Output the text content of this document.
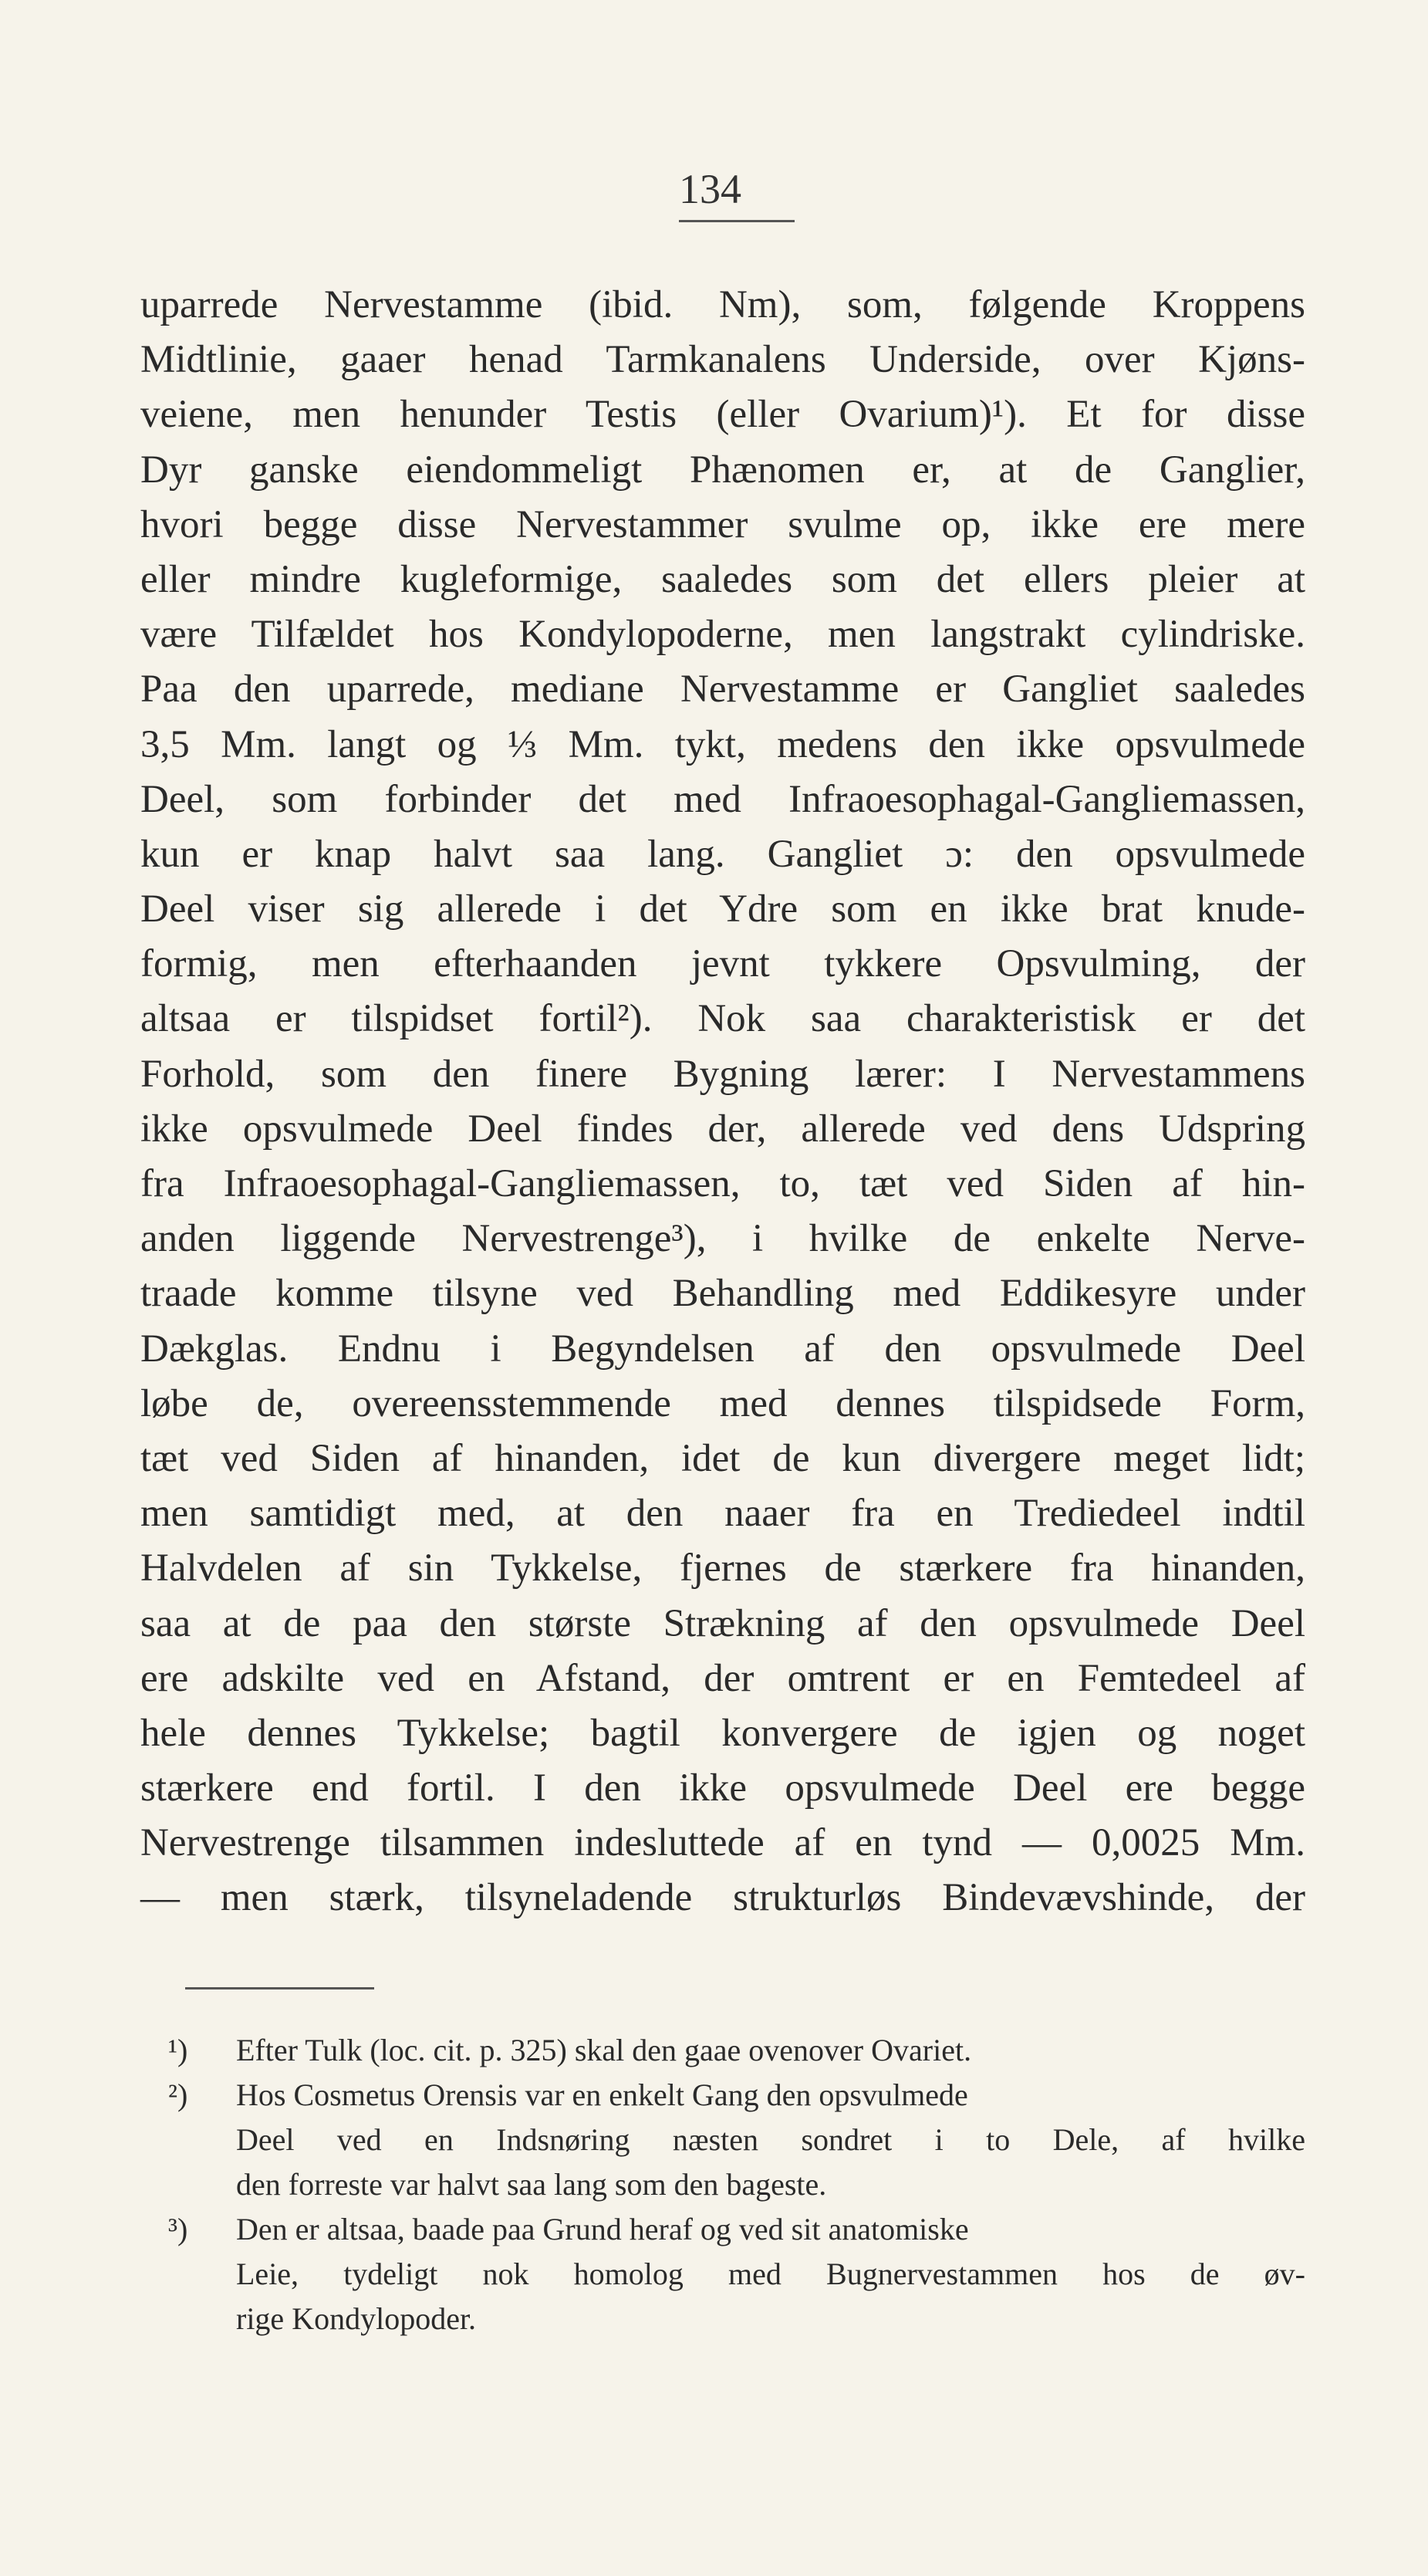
134
uparrede Nervestamme (ibid. Nm), som, følgende Kroppens
Midtlinie, gaaer henad Tarmkanalens Underside, over Kjøns-
veiene, men henunder Testis (eller Ovarium)¹). Et for disse
Dyr ganske eiendommeligt Phænomen er, at de Ganglier,
hvori begge disse Nervestammer svulme op, ikke ere mere
eller mindre kugleformige, saaledes som det ellers pleier at
være Tilfældet hos Kondylopoderne, men langstrakt cylindriske.
Paa den uparrede, mediane Nervestamme er Gangliet saaledes
3,5 Mm. langt og ⅓ Mm. tykt, medens den ikke opsvulmede
Deel, som forbinder det med Infraoesophagal-Gangliemassen,
kun er knap halvt saa lang. Gangliet ɔ: den opsvulmede
Deel viser sig allerede i det Ydre som en ikke brat knude-
formig, men efterhaanden jevnt tykkere Opsvulming, der
altsaa er tilspidset fortil²). Nok saa charakteristisk er det
Forhold, som den finere Bygning lærer: I Nervestammens
ikke opsvulmede Deel findes der, allerede ved dens Udspring
fra Infraoesophagal-Gangliemassen, to, tæt ved Siden af hin-
anden liggende Nervestrenge³), i hvilke de enkelte Nerve-
traade komme tilsyne ved Behandling med Eddikesyre under
Dækglas. Endnu i Begyndelsen af den opsvulmede Deel
løbe de, overeensstemmende med dennes tilspidsede Form,
tæt ved Siden af hinanden, idet de kun divergere meget lidt;
men samtidigt med, at den naaer fra en Trediedeel indtil
Halvdelen af sin Tykkelse, fjernes de stærkere fra hinanden,
saa at de paa den største Strækning af den opsvulmede Deel
ere adskilte ved en Afstand, der omtrent er en Femtedeel af
hele dennes Tykkelse; bagtil konvergere de igjen og noget
stærkere end fortil. I den ikke opsvulmede Deel ere begge
Nervestrenge tilsammen indesluttede af en tynd — 0,0025 Mm.
— men stærk, tilsyneladende strukturløs Bindevævshinde, der
¹) Efter Tulk (loc. cit. p. 325) skal den gaae ovenover Ovariet.
²) Hos Cosmetus Orensis var en enkelt Gang den opsvulmede
Deel ved en Indsnøring næsten sondret i to Dele, af hvilke
den forreste var halvt saa lang som den bageste.
³) Den er altsaa, baade paa Grund heraf og ved sit anatomiske
Leie, tydeligt nok homolog med Bugnervestammen hos de øv-
rige Kondylopoder.
